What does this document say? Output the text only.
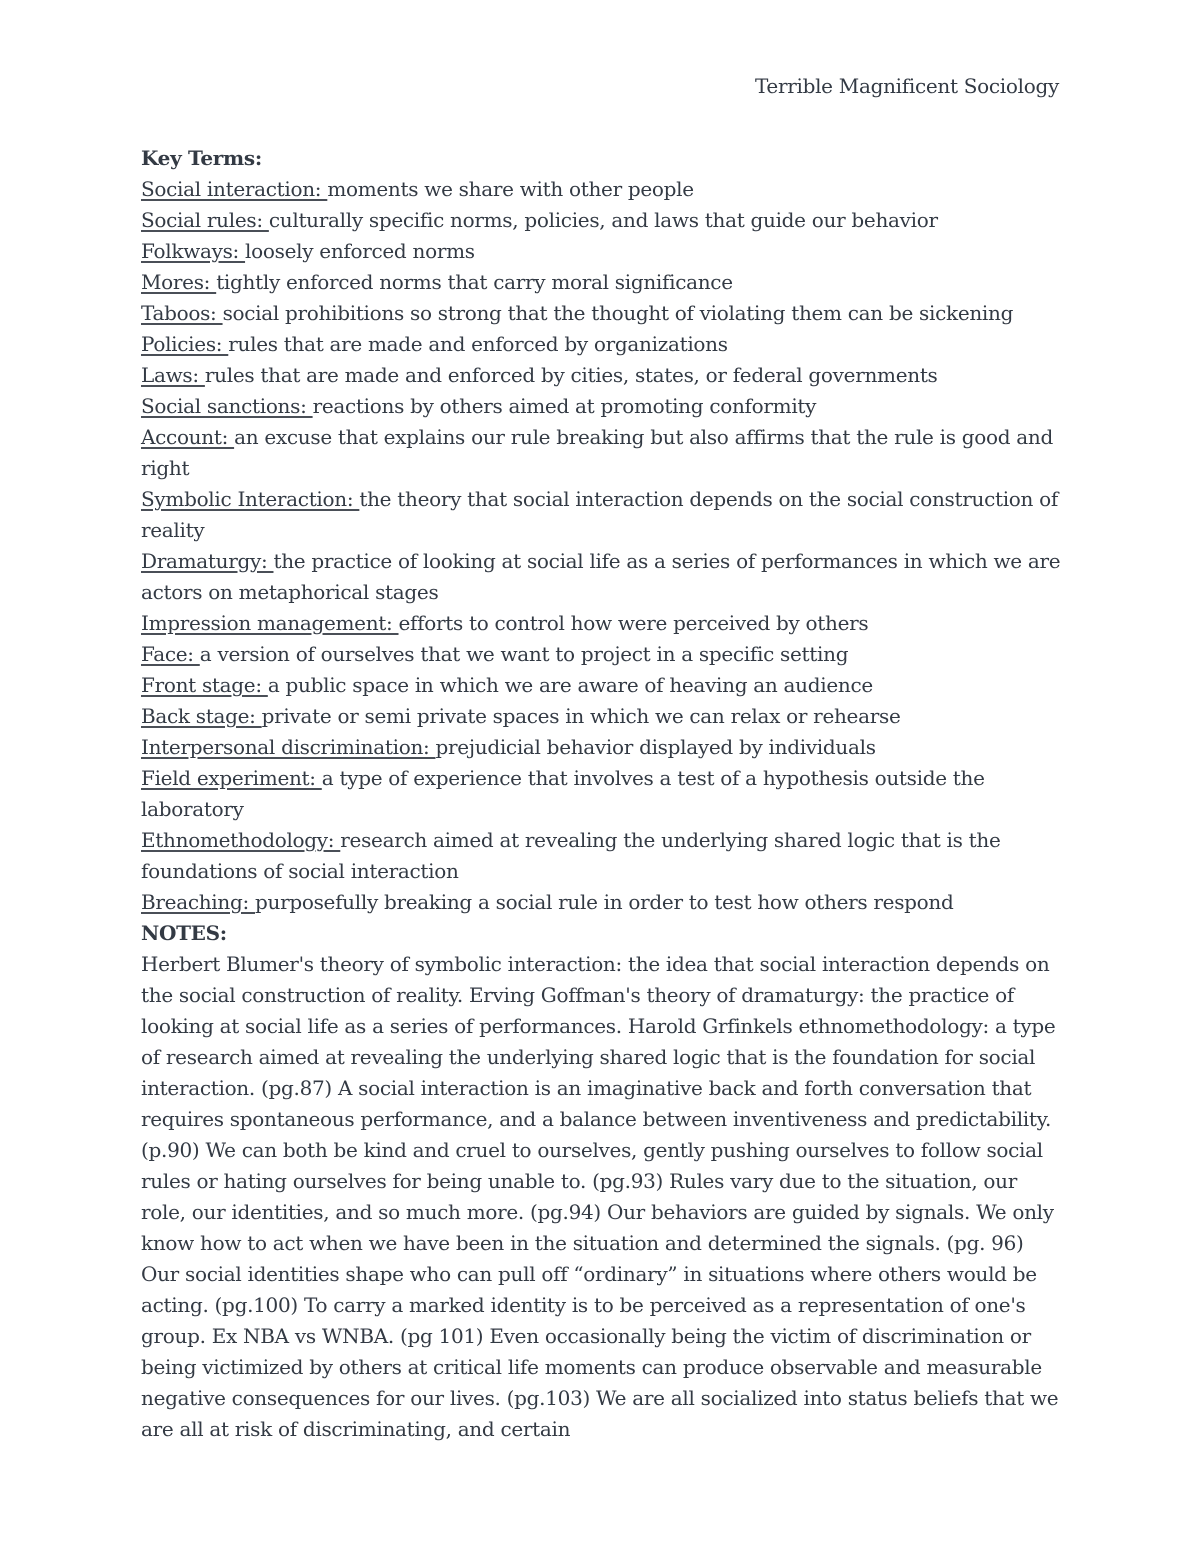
Terrible Magnificent Sociology

Key Terms:

Social interaction: moments we share with other people
Social rules: culturally specific norms, policies, and laws that guide our behavior
Folkways: loosely enforced norms
Mores: tightly enforced norms that carry moral significance
Taboos: social prohibitions so strong that the thought of violating them can be sickening
Policies: rules that are made and enforced by organizations
Laws: rules that are made and enforced by cities, states, or federal governments
Social sanctions: reactions by others aimed at promoting conformity
Account: an excuse that explains our rule breaking but also affirms that the rule is good and right
Symbolic Interaction: the theory that social interaction depends on the social construction of reality
Dramaturgy: the practice of looking at social life as a series of performances in which we are actors on metaphorical stages
Impression management: efforts to control how were perceived by others
Face: a version of ourselves that we want to project in a specific setting
Front stage: a public space in which we are aware of heaving an audience
Back stage: private or semi private spaces in which we can relax or rehearse
Interpersonal discrimination: prejudicial behavior displayed by individuals
Field experiment: a type of experience that involves a test of a hypothesis outside the laboratory
Ethnomethodology: research aimed at revealing the underlying shared logic that is the foundations of social interaction
Breaching: purposefully breaking a social rule in order to test how others respond

NOTES:

Herbert Blumer's theory of symbolic interaction: the idea that social interaction depends on the social construction of reality. Erving Goffman's theory of dramaturgy: the practice of looking at social life as a series of performances. Harold Grfinkels ethnomethodology: a type of research aimed at revealing the underlying shared logic that is the foundation for social interaction. (pg.87) A social interaction is an imaginative back and forth conversation that requires spontaneous performance, and a balance between inventiveness and predictability. (p.90) We can both be kind and cruel to ourselves, gently pushing ourselves to follow social rules or hating ourselves for being unable to. (pg.93) Rules vary due to the situation, our role, our identities, and so much more. (pg.94) Our behaviors are guided by signals. We only know how to act when we have been in the situation and determined the signals. (pg. 96) Our social identities shape who can pull off “ordinary” in situations where others would be acting. (pg.100) To carry a marked identity is to be perceived as a representation of one's group. Ex NBA vs WNBA. (pg 101) Even occasionally being the victim of discrimination or being victimized by others at critical life moments can produce observable and measurable negative consequences for our lives. (pg.103) We are all socialized into status beliefs that we are all at risk of discriminating, and certain
